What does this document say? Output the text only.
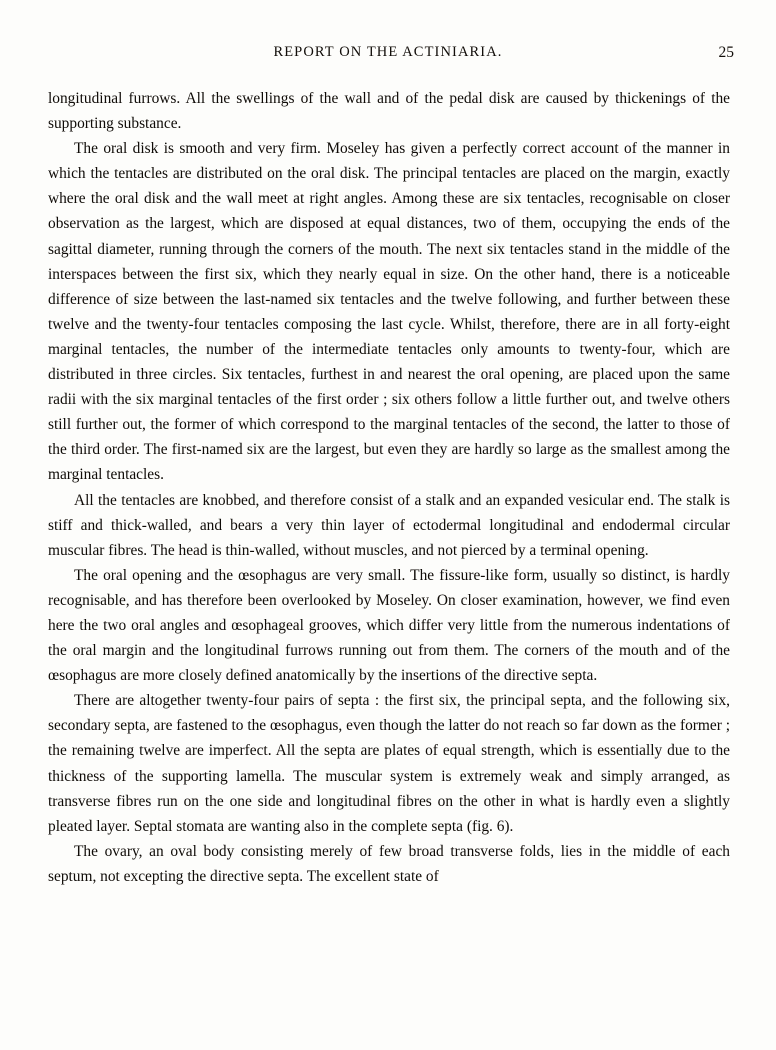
REPORT ON THE ACTINIARIA.	25

longitudinal furrows. All the swellings of the wall and of the pedal disk are caused by thickenings of the supporting substance.

The oral disk is smooth and very firm. Moseley has given a perfectly correct account of the manner in which the tentacles are distributed on the oral disk. The principal tentacles are placed on the margin, exactly where the oral disk and the wall meet at right angles. Among these are six tentacles, recognisable on closer observation as the largest, which are disposed at equal distances, two of them, occupying the ends of the sagittal diameter, running through the corners of the mouth. The next six tentacles stand in the middle of the interspaces between the first six, which they nearly equal in size. On the other hand, there is a noticeable difference of size between the last-named six tentacles and the twelve following, and further between these twelve and the twenty-four tentacles composing the last cycle. Whilst, therefore, there are in all forty-eight marginal tentacles, the number of the intermediate tentacles only amounts to twenty-four, which are distributed in three circles. Six tentacles, furthest in and nearest the oral opening, are placed upon the same radii with the six marginal tentacles of the first order ; six others follow a little further out, and twelve others still further out, the former of which correspond to the marginal tentacles of the second, the latter to those of the third order. The first-named six are the largest, but even they are hardly so large as the smallest among the marginal tentacles.

All the tentacles are knobbed, and therefore consist of a stalk and an expanded vesicular end. The stalk is stiff and thick-walled, and bears a very thin layer of ectodermal longitudinal and endodermal circular muscular fibres. The head is thin-walled, without muscles, and not pierced by a terminal opening.

The oral opening and the œsophagus are very small. The fissure-like form, usually so distinct, is hardly recognisable, and has therefore been overlooked by Moseley. On closer examination, however, we find even here the two oral angles and œsophageal grooves, which differ very little from the numerous indentations of the oral margin and the longitudinal furrows running out from them. The corners of the mouth and of the œsophagus are more closely defined anatomically by the insertions of the directive septa.

There are altogether twenty-four pairs of septa : the first six, the principal septa, and the following six, secondary septa, are fastened to the œsophagus, even though the latter do not reach so far down as the former ; the remaining twelve are imperfect. All the septa are plates of equal strength, which is essentially due to the thickness of the supporting lamella. The muscular system is extremely weak and simply arranged, as transverse fibres run on the one side and longitudinal fibres on the other in what is hardly even a slightly pleated layer. Septal stomata are wanting also in the complete septa (fig. 6).

The ovary, an oval body consisting merely of few broad transverse folds, lies in the middle of each septum, not excepting the directive septa. The excellent state of
